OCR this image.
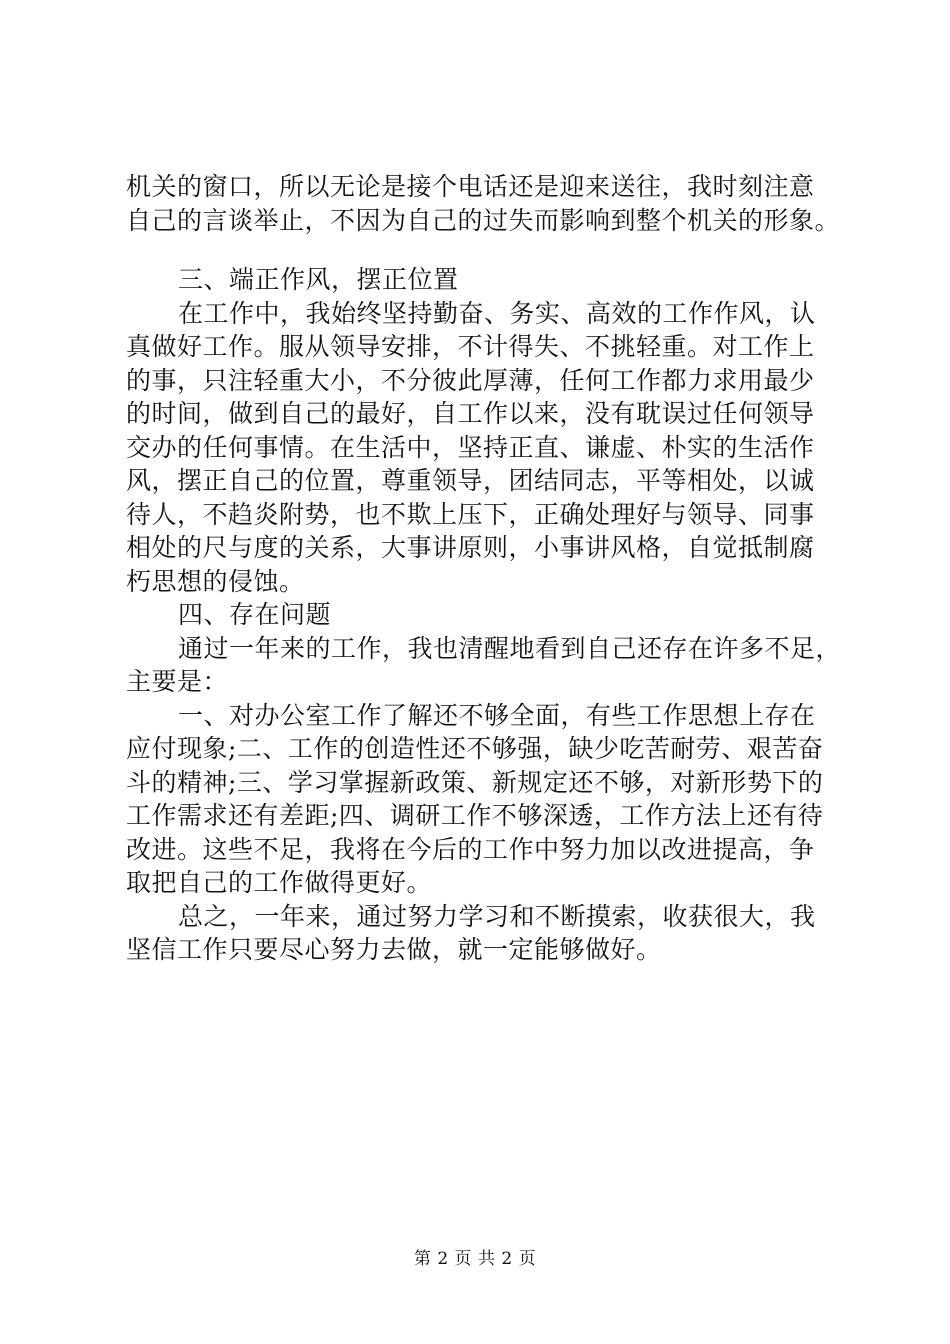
机关的窗口，所以无论是接个电话还是迎来送往，我时刻注意
自己的言谈举止，不因为自己的过失而影响到整个机关的形象。
三、端正作风，摆正位置
在工作中，我始终坚持勤奋、务实、高效的工作作风，认
真做好工作。服从领导安排，不计得失、不挑轻重。对工作上
的事，只注轻重大小，不分彼此厚薄，任何工作都力求用最少
的时间，做到自己的最好，自工作以来，没有耽误过任何领导
交办的任何事情。在生活中，坚持正直、谦虚、朴实的生活作
风，摆正自己的位置，尊重领导，团结同志，平等相处，以诚
待人，不趋炎附势，也不欺上压下，正确处理好与领导、同事
相处的尺与度的关系，大事讲原则，小事讲风格，自觉抵制腐
朽思想的侵蚀。
四、存在问题
通过一年来的工作，我也清醒地看到自己还存在许多不足，
主要是：
一、对办公室工作了解还不够全面，有些工作思想上存在
应付现象;二、工作的创造性还不够强，缺少吃苦耐劳、艰苦奋
斗的精神;三、学习掌握新政策、新规定还不够，对新形势下的
工作需求还有差距;四、调研工作不够深透，工作方法上还有待
改进。这些不足，我将在今后的工作中努力加以改进提高，争
取把自己的工作做得更好。
总之，一年来，通过努力学习和不断摸索，收获很大，我
坚信工作只要尽心努力去做，就一定能够做好。
第 2 页 共 2 页
